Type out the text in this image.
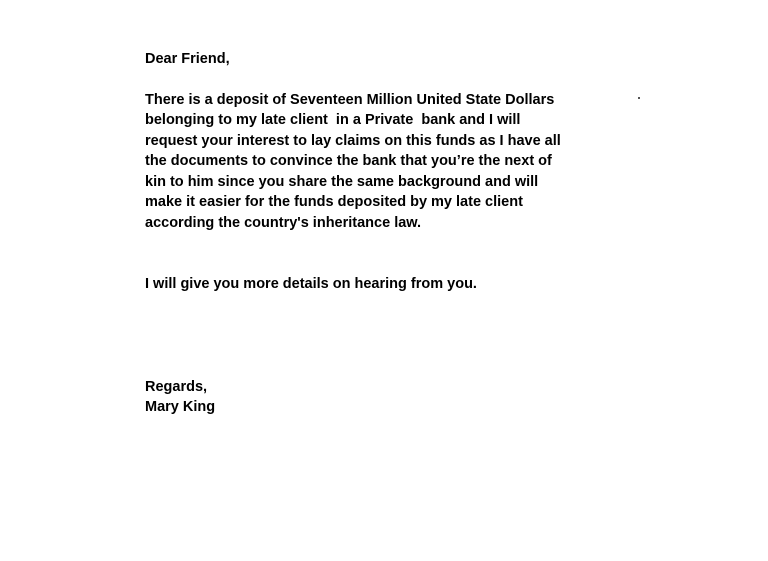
Dear Friend,
There is a deposit of Seventeen Million United State Dollars
belonging to my late client  in a Private  bank and I will
request your interest to lay claims on this funds as I have all
the documents to convince the bank that you’re the next of
kin to him since you share the same background and will
make it easier for the funds deposited by my late client
according the country's inheritance law.
I will give you more details on hearing from you.
Regards,
Mary King
